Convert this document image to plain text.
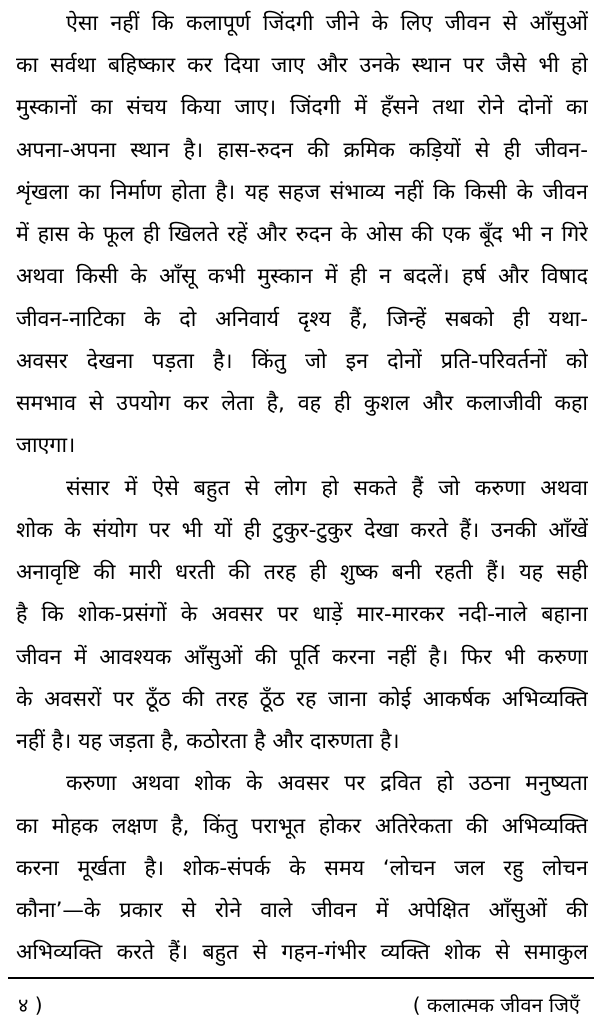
ऐसा नहीं कि कलापूर्ण जिंदगी जीने के लिए जीवन से आँसुओं
का सर्वथा बहिष्कार कर दिया जाए और उनके स्थान पर जैसे भी हो
मुस्कानों का संचय किया जाए। जिंदगी में हँसने तथा रोने दोनों का
अपना-अपना स्थान है। हास-रुदन की क्रमिक कड़ियों से ही जीवन-
शृंखला का निर्माण होता है। यह सहज संभाव्य नहीं कि किसी के जीवन
में हास के फूल ही खिलते रहें और रुदन के ओस की एक बूँद भी न गिरे
अथवा किसी के आँसू कभी मुस्कान में ही न बदलें। हर्ष और विषाद
जीवन-नाटिका के दो अनिवार्य दृश्य हैं, जिन्हें सबको ही यथा-
अवसर देखना पड़ता है। किंतु जो इन दोनों प्रति-परिवर्तनों को
समभाव से उपयोग कर लेता है, वह ही कुशल और कलाजीवी कहा
जाएगा।
संसार में ऐसे बहुत से लोग हो सकते हैं जो करुणा अथवा
शोक के संयोग पर भी यों ही टुकुर-टुकुर देखा करते हैं। उनकी आँखें
अनावृष्टि की मारी धरती की तरह ही शुष्क बनी रहती हैं। यह सही
है कि शोक-प्रसंगों के अवसर पर धाड़ें मार-मारकर नदी-नाले बहाना
जीवन में आवश्यक आँसुओं की पूर्ति करना नहीं है। फिर भी करुणा
के अवसरों पर ठूँठ की तरह ठूँठ रह जाना कोई आकर्षक अभिव्यक्ति
नहीं है। यह जड़ता है, कठोरता है और दारुणता है।
करुणा अथवा शोक के अवसर पर द्रवित हो उठना मनुष्यता
का मोहक लक्षण है, किंतु पराभूत होकर अतिरेकता की अभिव्यक्ति
करना मूर्खता है। शोक-संपर्क के समय ‘लोचन जल रहु लोचन
कौना’—के प्रकार से रोने वाले जीवन में अपेक्षित आँसुओं की
अभिव्यक्ति करते हैं। बहुत से गहन-गंभीर व्यक्ति शोक से समाकुल
४ )	( कलात्मक जीवन जिएँ
